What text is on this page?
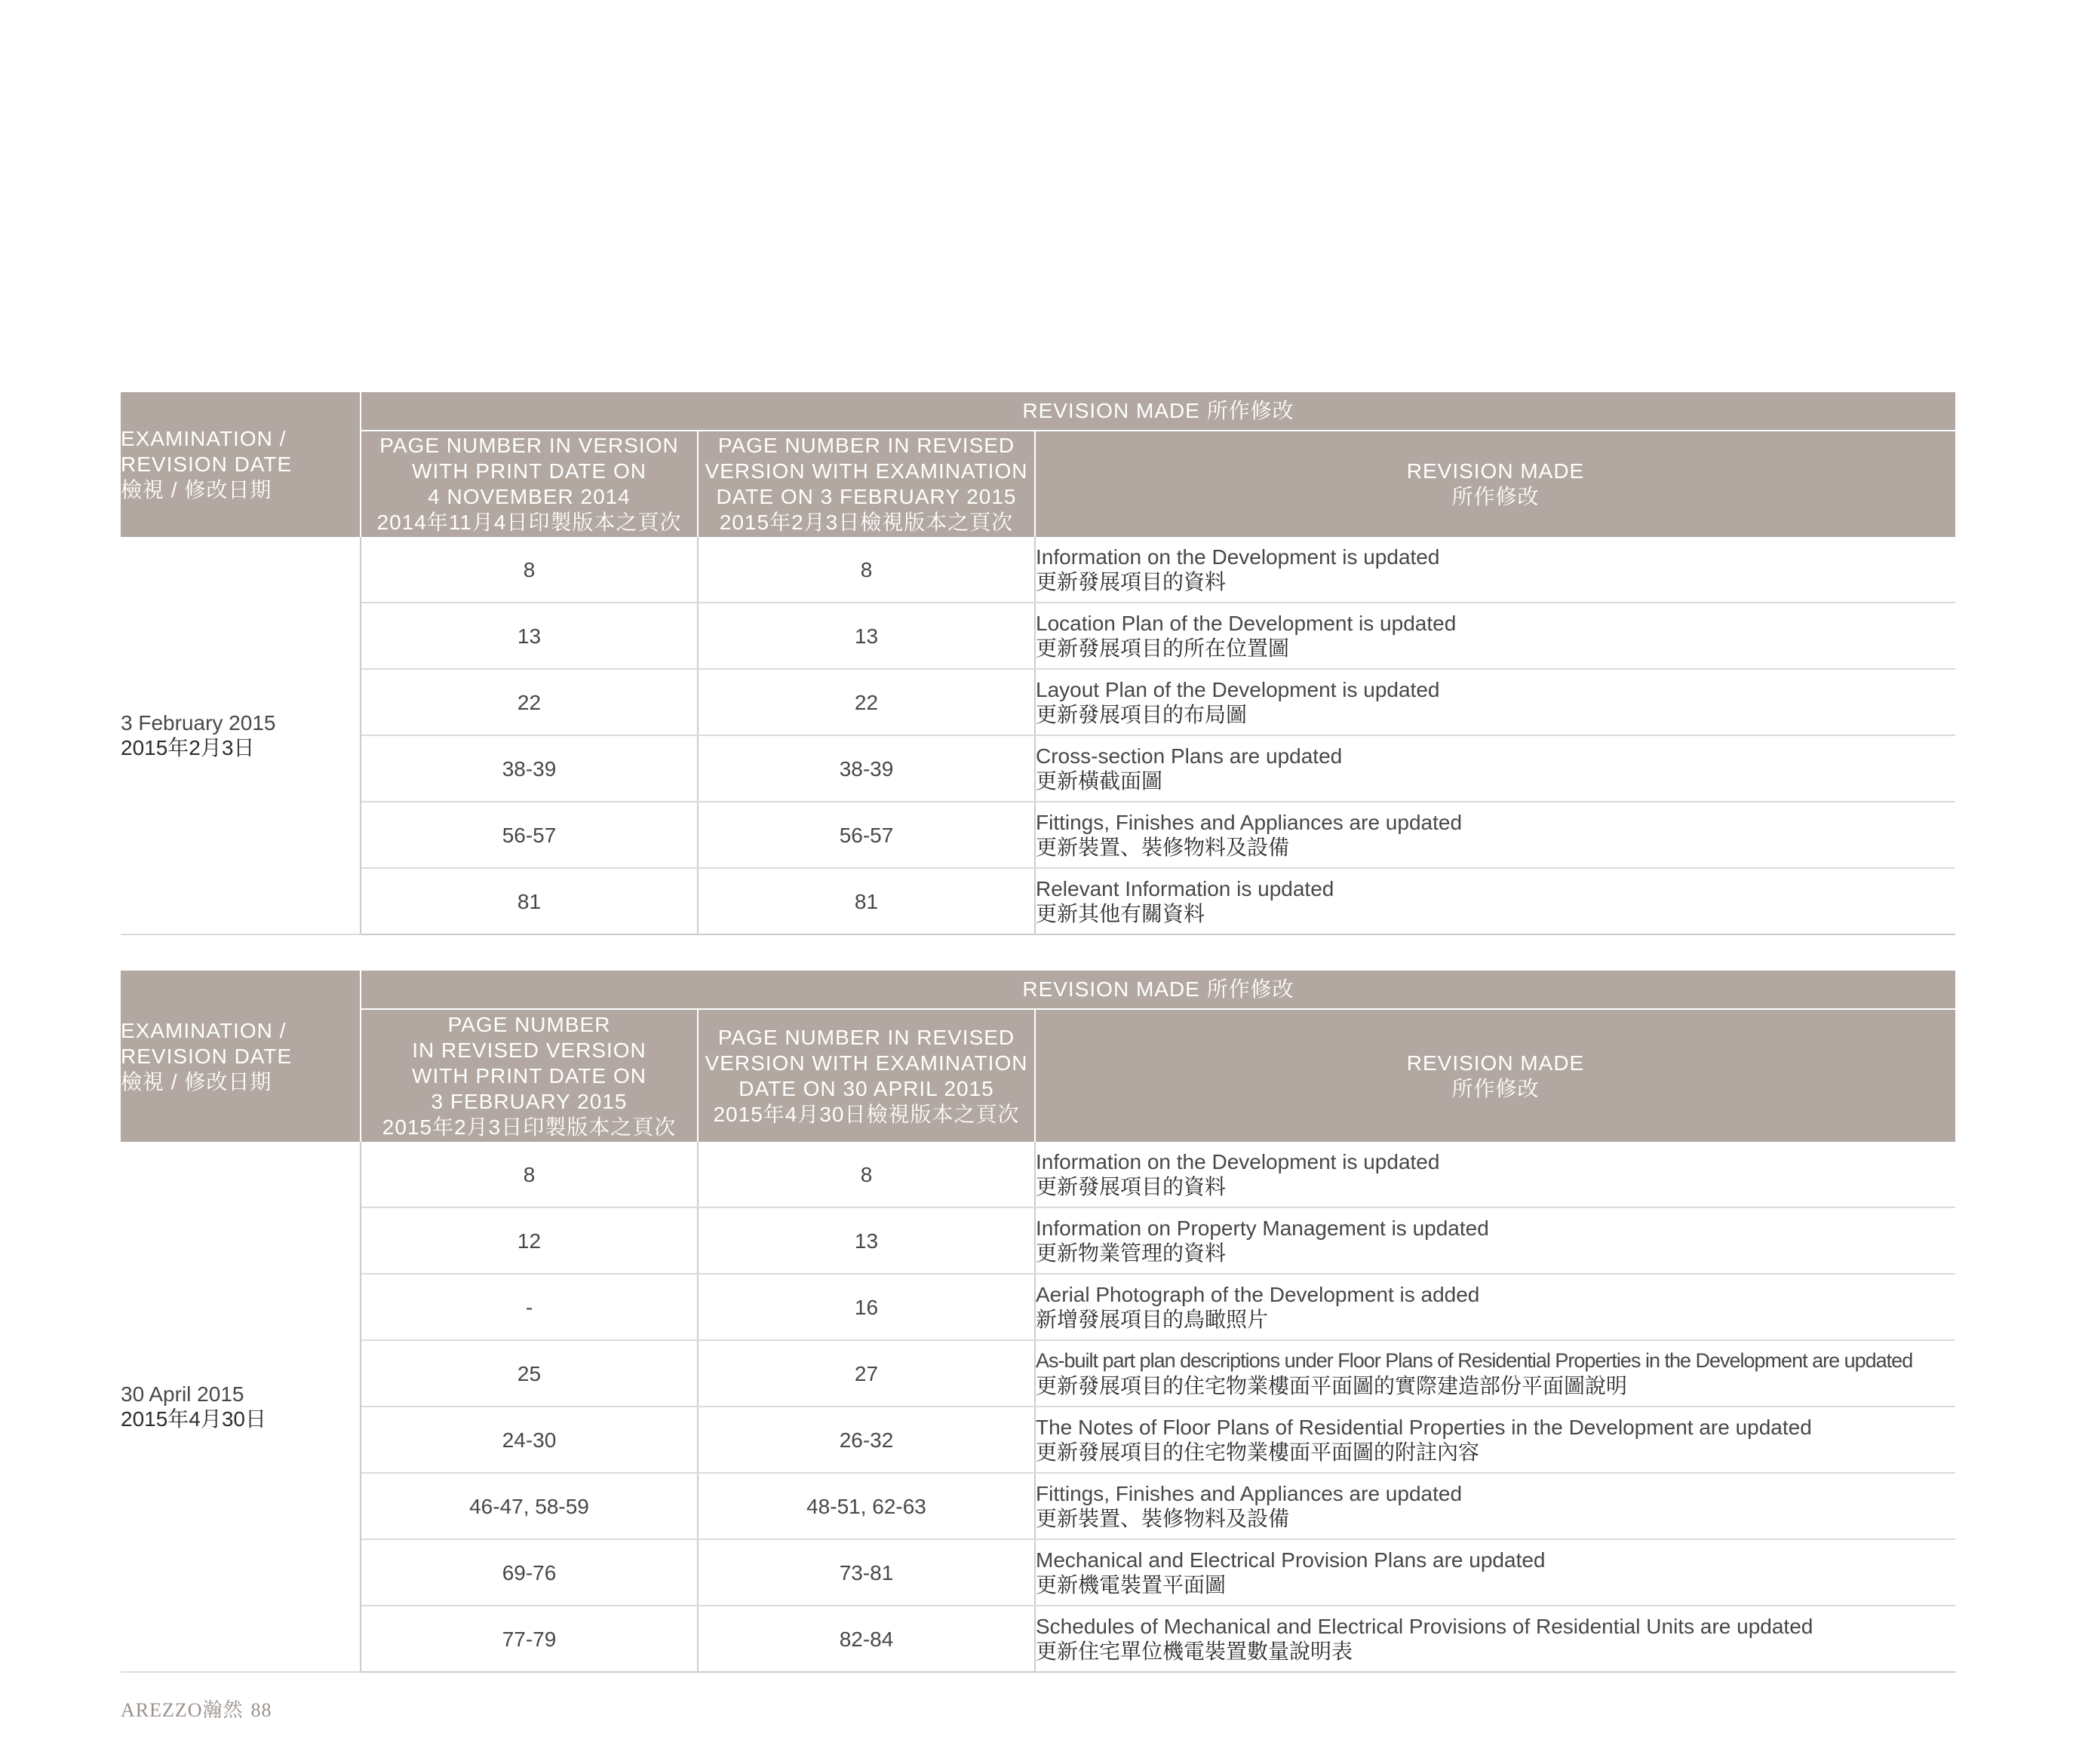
EXAMINATION /
REVISION DATE
檢視 / 修改日期	REVISION MADE 所作修改		

	PAGE NUMBER IN VERSION
WITH PRINT DATE ON
4 NOVEMBER 2014
2014年11月4日印製版本之頁次	PAGE NUMBER IN REVISED
VERSION WITH EXAMINATION
DATE ON 3 FEBRUARY 2015
2015年2月3日檢視版本之頁次	REVISION MADE
所作修改

3 February 2015
2015年2月3日	8	8	Information on the Development is updated
更新發展項目的資料

	13	13	Location Plan of the Development is updated
更新發展項目的所在位置圖

	22	22	Layout Plan of the Development is updated
更新發展項目的布局圖

	38-39	38-39	Cross-section Plans are updated
更新橫截面圖

	56-57	56-57	Fittings, Finishes and Appliances are updated
更新裝置、裝修物料及設備

	81	81	Relevant Information is updated
更新其他有關資料
EXAMINATION /
REVISION DATE
檢視 / 修改日期	REVISION MADE 所作修改		

	PAGE NUMBER
IN REVISED VERSION
WITH PRINT DATE ON
3 FEBRUARY 2015
2015年2月3日印製版本之頁次	PAGE NUMBER IN REVISED
VERSION WITH EXAMINATION
DATE ON 30 APRIL 2015
2015年4月30日檢視版本之頁次	REVISION MADE
所作修改

30 April 2015
2015年4月30日	8	8	Information on the Development is updated
更新發展項目的資料

	12	13	Information on Property Management is updated
更新物業管理的資料

	-	16	Aerial Photograph of the Development is added
新增發展項目的鳥瞰照片

	25	27	As-built part plan descriptions under Floor Plans of Residential Properties in the Development are updated
更新發展項目的住宅物業樓面平面圖的實際建造部份平面圖說明

	24-30	26-32	The Notes of Floor Plans of Residential Properties in the Development are updated
更新發展項目的住宅物業樓面平面圖的附註內容

	46-47, 58-59	48-51, 62-63	Fittings, Finishes and Appliances are updated
更新裝置、裝修物料及設備

	69-76	73-81	Mechanical and Electrical Provision Plans are updated
更新機電裝置平面圖

	77-79	82-84	Schedules of Mechanical and Electrical Provisions of Residential Units are updated
更新住宅單位機電裝置數量說明表
AREZZO瀚然 88
